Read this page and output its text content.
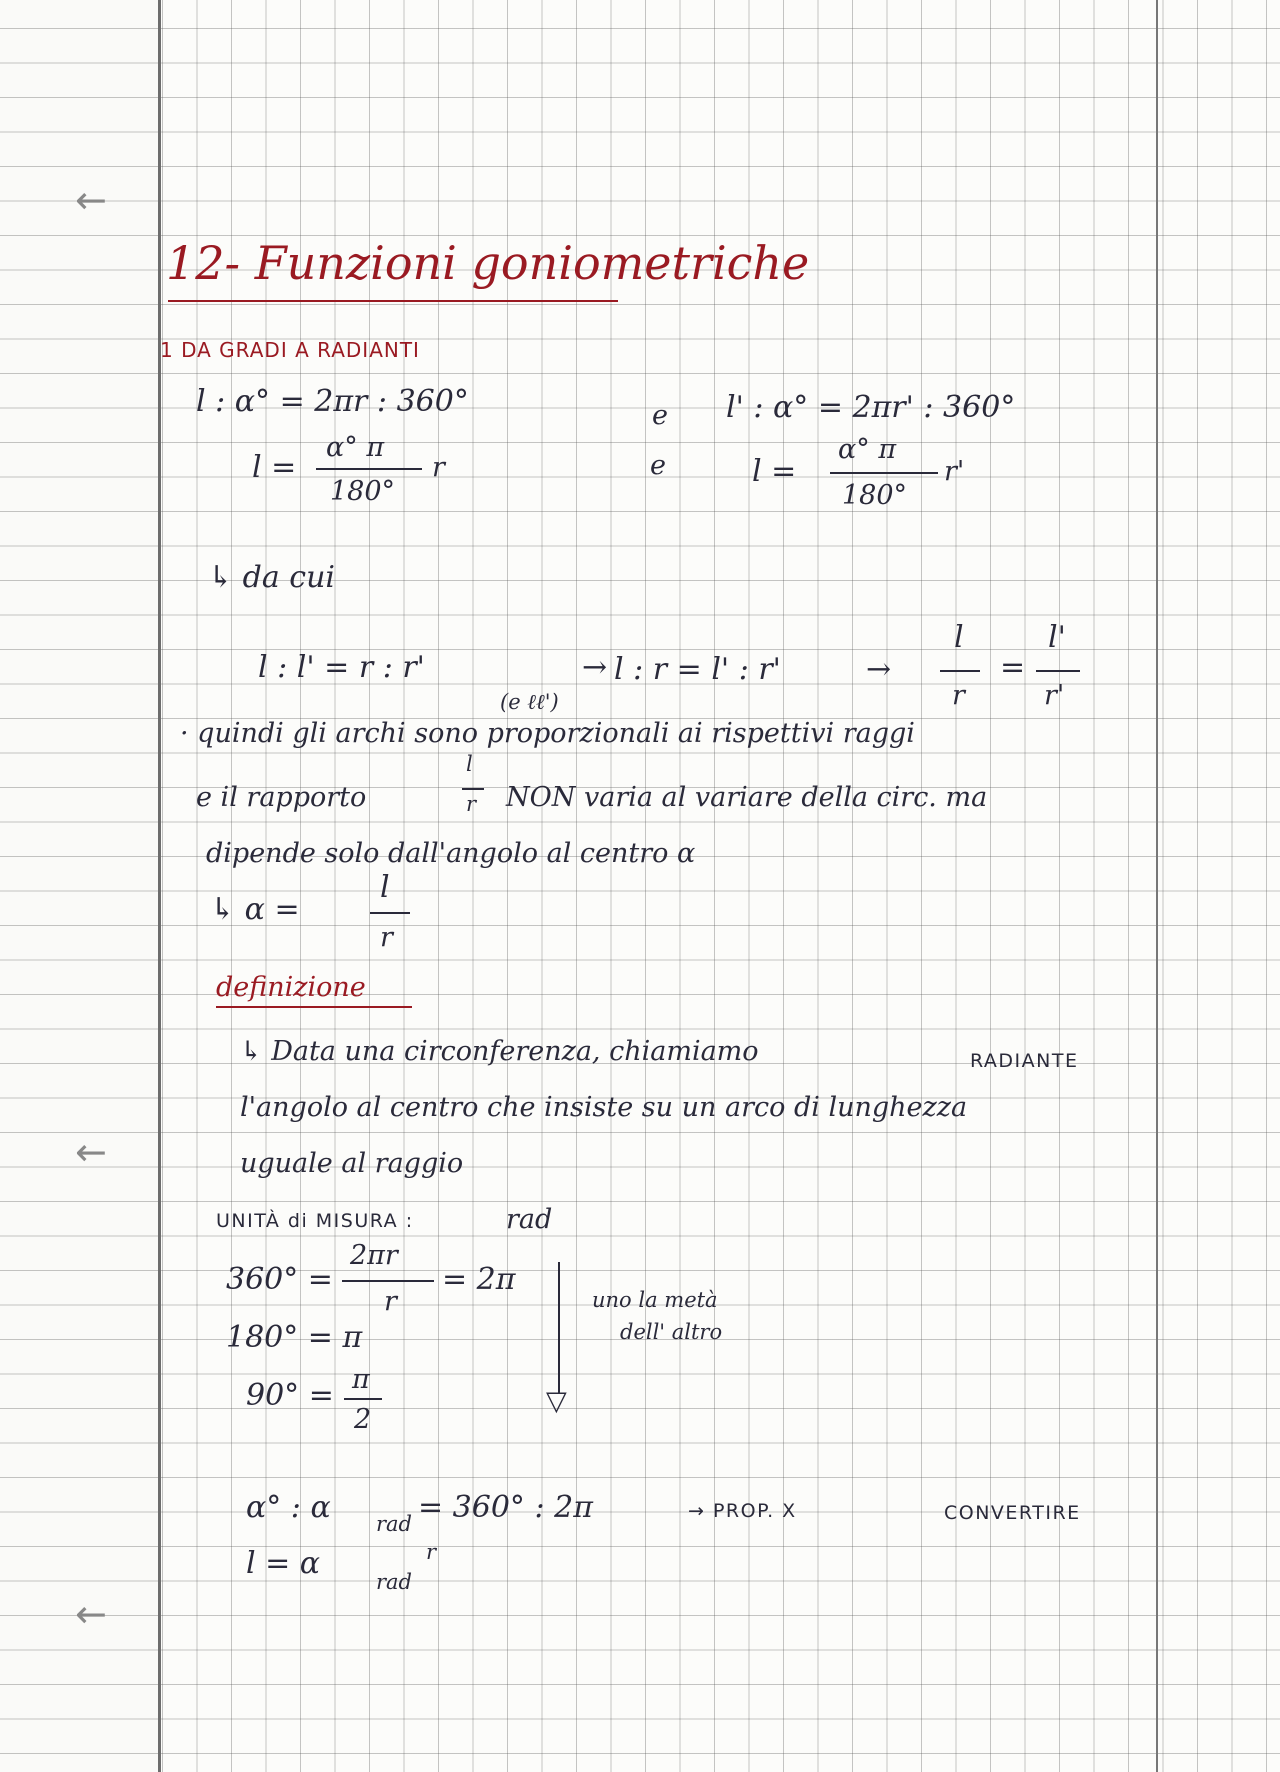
←
←
←
12- Funzioni goniometriche
1 DA GRADI A RADIANTI
l : α° = 2πr : 360°
l =
α° π
r
180°
e
e
l' : α° = 2πr' : 360°
l =
α° π
r'
180°
↳ da cui
l : l' = r : r'	→ l : r = l' : r'	→
l
r
=
l'
r'
(e ℓℓ')
· quindi gli archi sono proporzionali ai rispettivi raggi
e il rapporto
l
r NON varia al variare della circ. ma
dipende solo dall'angolo al centro α
↳ α =
l
r
definizione
↳ Data una circonferenza, chiamiamo	RADIANTE
l'angolo al centro che insiste su un arco di lunghezza
uguale al raggio
UNITÀ di MISURA :	rad
360° =
2πr
r
= 2π
180° = π
90° = π
2
▽
uno la metà
dell' altro
α° : α rad = 360° : 2π	→ PROP. X	CONVERTIRE
l = α
rad
r
